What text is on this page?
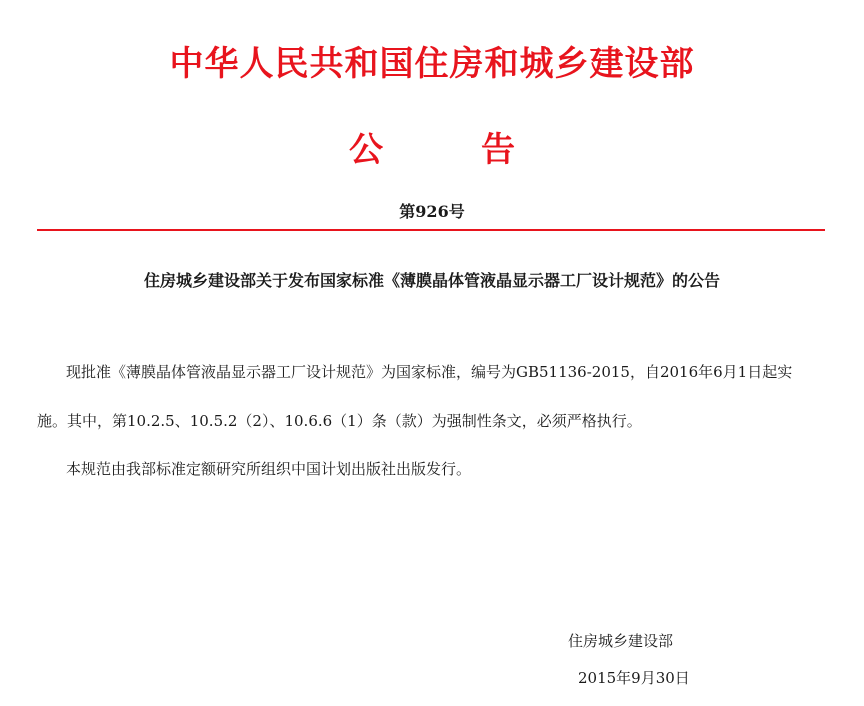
中华人民共和国住房和城乡建设部
公	告
第926号
住房城乡建设部关于发布国家标准《薄膜晶体管液晶显示器工厂设计规范》的公告
现批准《薄膜晶体管液晶显示器工厂设计规范》为国家标准，编号为GB51136-2015，自2016年6月1日起实
施。其中，第10.2.5、10.5.2（2）、10.6.6（1）条（款）为强制性条文，必须严格执行。
本规范由我部标准定额研究所组织中国计划出版社出版发行。
住房城乡建设部
2015年9月30日
